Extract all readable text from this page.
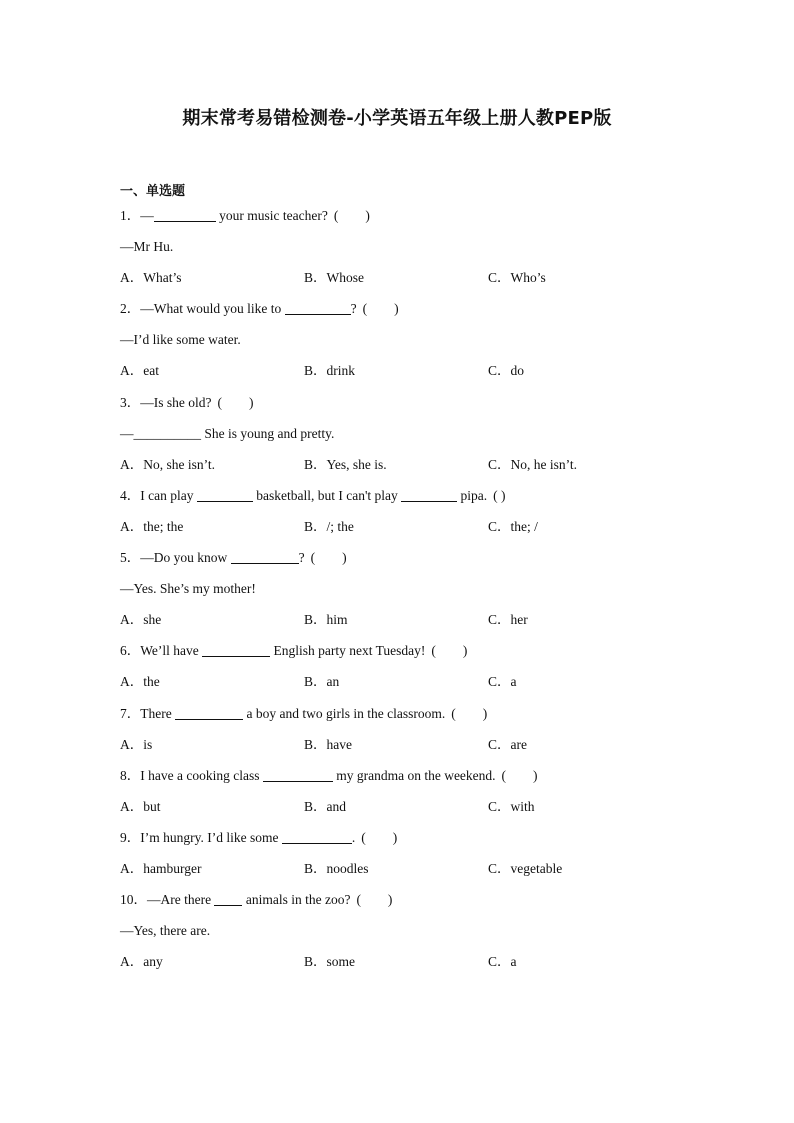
期末常考易错检测卷-小学英语五年级上册人教PEP版
一、单选题
1．—	your music teacher? (　　)
—Mr Hu.
A．What’s	B．Whose	C．Who’s
2．—What would you like to	? (　　)
—I’d like some water.
A．eat	B．drink	C．do
3．—Is she old? (　　)
—__________ She is young and pretty.
A．No, she isn’t.	B．Yes, she is.	C．No, he isn’t.
4．I can play	basketball, but I can't play	pipa. ( )
A．the; the	B．/; the	C．the; /
5．—Do you know	? (　　)
—Yes. She’s my mother!
A．she	B．him	C．her
6．We’ll have	English party next Tuesday! (　　)
A．the	B．an	C．a
7．There	a boy and two girls in the classroom. (　　)
A．is	B．have	C．are
8．I have a cooking class	my grandma on the weekend. (　　)
A．but	B．and	C．with
9．I’m hungry. I’d like some	. (　　)
A．hamburger	B．noodles	C．vegetable
10．—Are there  animals in the zoo? (　　)
—Yes, there are.
A．any	B．some	C．a
